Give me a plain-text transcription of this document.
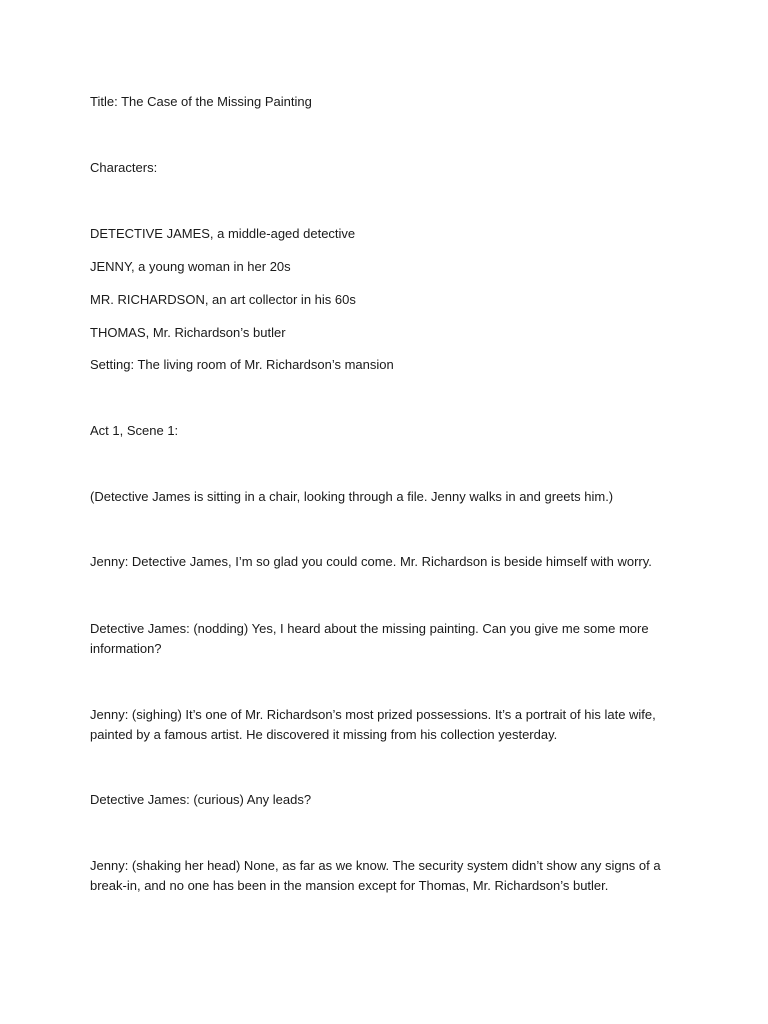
Title: The Case of the Missing Painting

Characters:

DETECTIVE JAMES, a middle-aged detective

JENNY, a young woman in her 20s

MR. RICHARDSON, an art collector in his 60s

THOMAS, Mr. Richardson’s butler

Setting: The living room of Mr. Richardson’s mansion

Act 1, Scene 1:

(Detective James is sitting in a chair, looking through a file. Jenny walks in and greets him.)

Jenny: Detective James, I’m so glad you could come. Mr. Richardson is beside himself with worry.

Detective James: (nodding) Yes, I heard about the missing painting. Can you give me some more information?

Jenny: (sighing) It’s one of Mr. Richardson’s most prized possessions. It’s a portrait of his late wife, painted by a famous artist. He discovered it missing from his collection yesterday.

Detective James: (curious) Any leads?

Jenny: (shaking her head) None, as far as we know. The security system didn’t show any signs of a break-in, and no one has been in the mansion except for Thomas, Mr. Richardson’s butler.
